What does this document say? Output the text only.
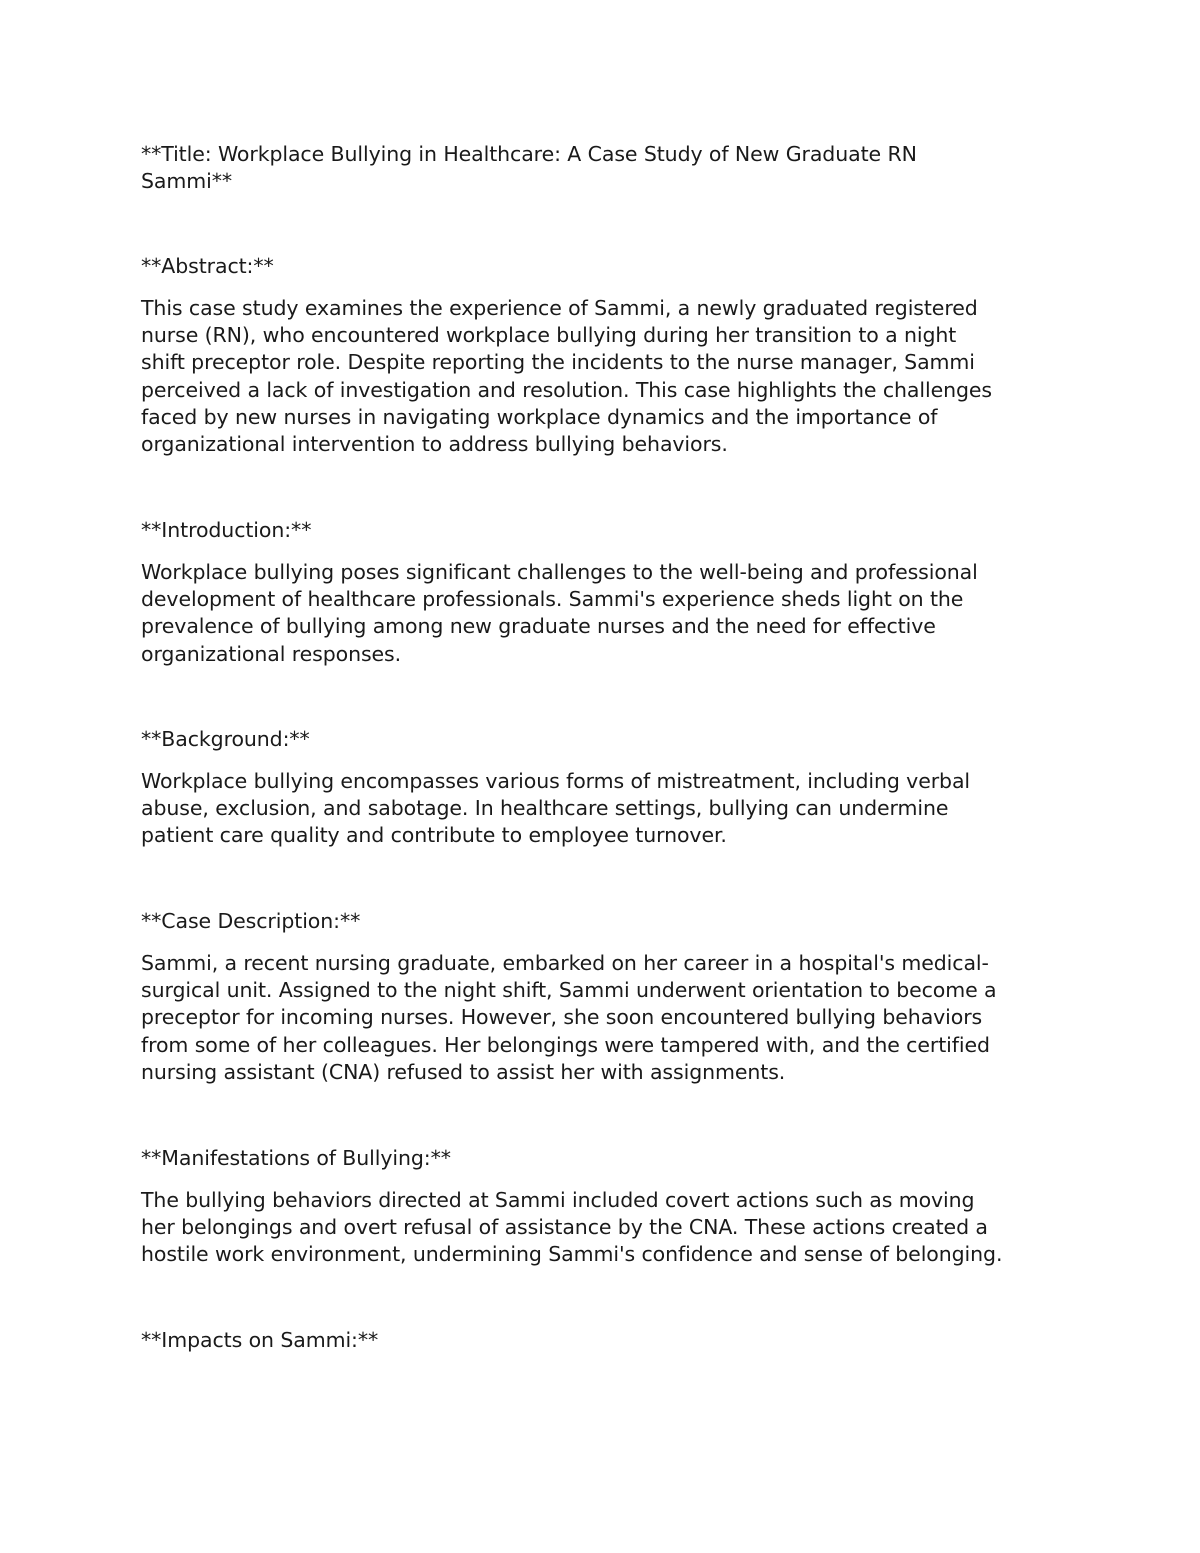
**Title: Workplace Bullying in Healthcare: A Case Study of New Graduate RN
Sammi**

**Abstract:**

This case study examines the experience of Sammi, a newly graduated registered
nurse (RN), who encountered workplace bullying during her transition to a night
shift preceptor role. Despite reporting the incidents to the nurse manager, Sammi
perceived a lack of investigation and resolution. This case highlights the challenges
faced by new nurses in navigating workplace dynamics and the importance of
organizational intervention to address bullying behaviors.

**Introduction:**

Workplace bullying poses significant challenges to the well-being and professional
development of healthcare professionals. Sammi's experience sheds light on the
prevalence of bullying among new graduate nurses and the need for effective
organizational responses.

**Background:**

Workplace bullying encompasses various forms of mistreatment, including verbal
abuse, exclusion, and sabotage. In healthcare settings, bullying can undermine
patient care quality and contribute to employee turnover.

**Case Description:**

Sammi, a recent nursing graduate, embarked on her career in a hospital's medical-
surgical unit. Assigned to the night shift, Sammi underwent orientation to become a
preceptor for incoming nurses. However, she soon encountered bullying behaviors
from some of her colleagues. Her belongings were tampered with, and the certified
nursing assistant (CNA) refused to assist her with assignments.

**Manifestations of Bullying:**

The bullying behaviors directed at Sammi included covert actions such as moving
her belongings and overt refusal of assistance by the CNA. These actions created a
hostile work environment, undermining Sammi's confidence and sense of belonging.

**Impacts on Sammi:**
